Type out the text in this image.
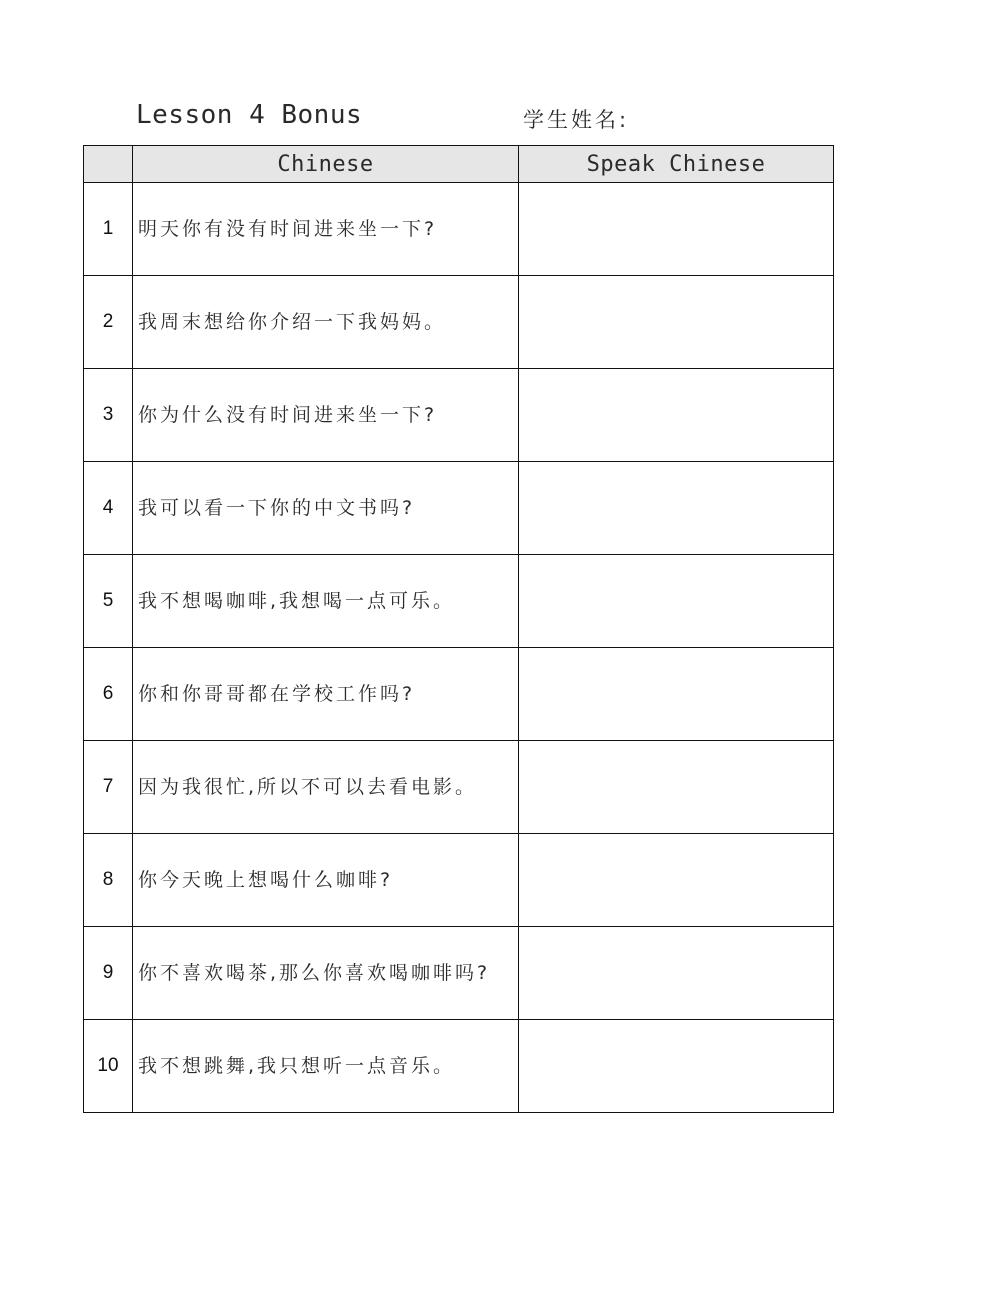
Lesson 4 Bonus	学生姓名:
	Chinese	Speak Chinese
1	明天你有没有时间进来坐一下?	
2	我周末想给你介绍一下我妈妈。	
3	你为什么没有时间进来坐一下?	
4	我可以看一下你的中文书吗?	
5	我不想喝咖啡,我想喝一点可乐。	
6	你和你哥哥都在学校工作吗?	
7	因为我很忙,所以不可以去看电影。	
8	你今天晚上想喝什么咖啡?	
9	你不喜欢喝茶,那么你喜欢喝咖啡吗?	
10	我不想跳舞,我只想听一点音乐。	
